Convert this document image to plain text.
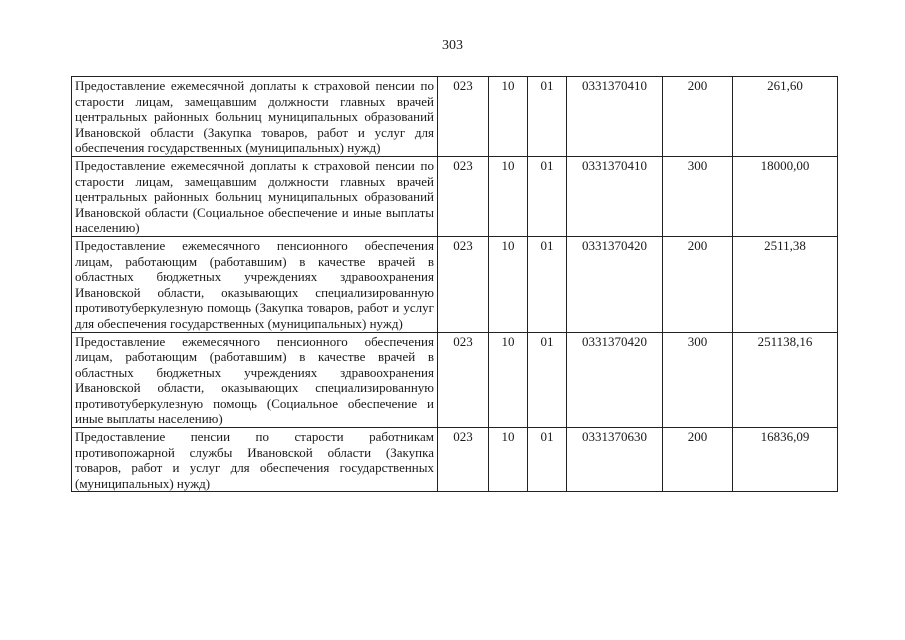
303
Предоставление ежемесячной доплаты к страховой пенсии по старости лицам, замещавшим должности главных врачей центральных районных больниц муниципальных образований Ивановской области (Закупка товаров, работ и услуг для обеспечения государственных (муниципальных) нужд)	023	10	01	0331370410	200	261,60
Предоставление ежемесячной доплаты к страховой пенсии по старости лицам, замещавшим должности главных врачей центральных районных больниц муниципальных образований Ивановской области (Социальное обеспечение и иные выплаты населению)	023	10	01	0331370410	300	18000,00
Предоставление ежемесячного пенсионного обеспечения лицам, работающим (работавшим) в качестве врачей в областных бюджетных учреждениях здравоохранения Ивановской области, оказывающих специализированную противотуберкулезную помощь (Закупка товаров, работ и услуг для обеспечения государственных (муниципальных) нужд)	023	10	01	0331370420	200	2511,38
Предоставление ежемесячного пенсионного обеспечения лицам, работающим (работавшим) в качестве врачей в областных бюджетных учреждениях здравоохранения Ивановской области, оказывающих специализированную противотуберкулезную помощь (Социальное обеспечение и иные выплаты населению)	023	10	01	0331370420	300	251138,16
Предоставление пенсии по старости работникам противопожарной службы Ивановской области (Закупка товаров, работ и услуг для обеспечения государственных (муниципальных) нужд)	023	10	01	0331370630	200	16836,09
